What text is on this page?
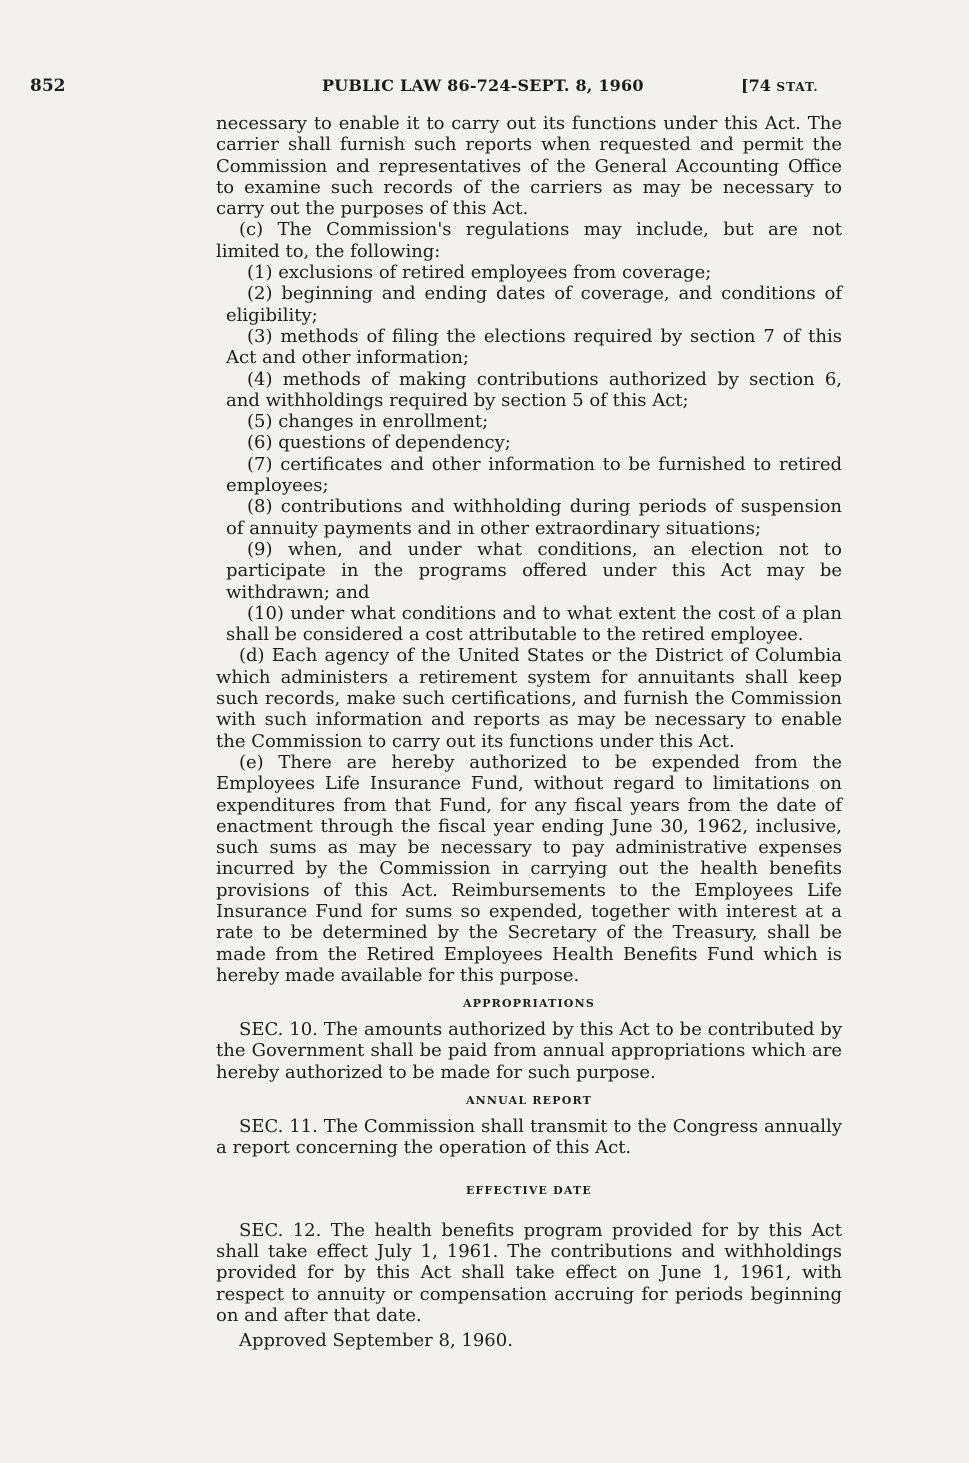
852	PUBLIC LAW 86-724-SEPT. 8, 1960	[74 STAT.

necessary to enable it to carry out its functions under this Act. The carrier shall furnish such reports when requested and permit the Commission and representatives of the General Accounting Office to examine such records of the carriers as may be necessary to carry out the purposes of this Act.

(c) The Commission's regulations may include, but are not limited to, the following:

(1) exclusions of retired employees from coverage;

(2) beginning and ending dates of coverage, and conditions of eligibility;

(3) methods of filing the elections required by section 7 of this Act and other information;

(4) methods of making contributions authorized by section 6, and withholdings required by section 5 of this Act;

(5) changes in enrollment;

(6) questions of dependency;

(7) certificates and other information to be furnished to retired employees;

(8) contributions and withholding during periods of suspension of annuity payments and in other extraordinary situations;

(9) when, and under what conditions, an election not to participate in the programs offered under this Act may be withdrawn; and

(10) under what conditions and to what extent the cost of a plan shall be considered a cost attributable to the retired employee.

(d) Each agency of the United States or the District of Columbia which administers a retirement system for annuitants shall keep such records, make such certifications, and furnish the Commission with such information and reports as may be necessary to enable the Commission to carry out its functions under this Act.

(e) There are hereby authorized to be expended from the Employees Life Insurance Fund, without regard to limitations on expenditures from that Fund, for any fiscal years from the date of enactment through the fiscal year ending June 30, 1962, inclusive, such sums as may be necessary to pay administrative expenses incurred by the Commission in carrying out the health benefits provisions of this Act. Reimbursements to the Employees Life Insurance Fund for sums so expended, together with interest at a rate to be determined by the Secretary of the Treasury, shall be made from the Retired Employees Health Benefits Fund which is hereby made available for this purpose.

APPROPRIATIONS

SEC. 10. The amounts authorized by this Act to be contributed by the Government shall be paid from annual appropriations which are hereby authorized to be made for such purpose.

ANNUAL REPORT

SEC. 11. The Commission shall transmit to the Congress annually a report concerning the operation of this Act.

EFFECTIVE DATE

SEC. 12. The health benefits program provided for by this Act shall take effect July 1, 1961. The contributions and withholdings provided for by this Act shall take effect on June 1, 1961, with respect to annuity or compensation accruing for periods beginning on and after that date.

Approved September 8, 1960.
